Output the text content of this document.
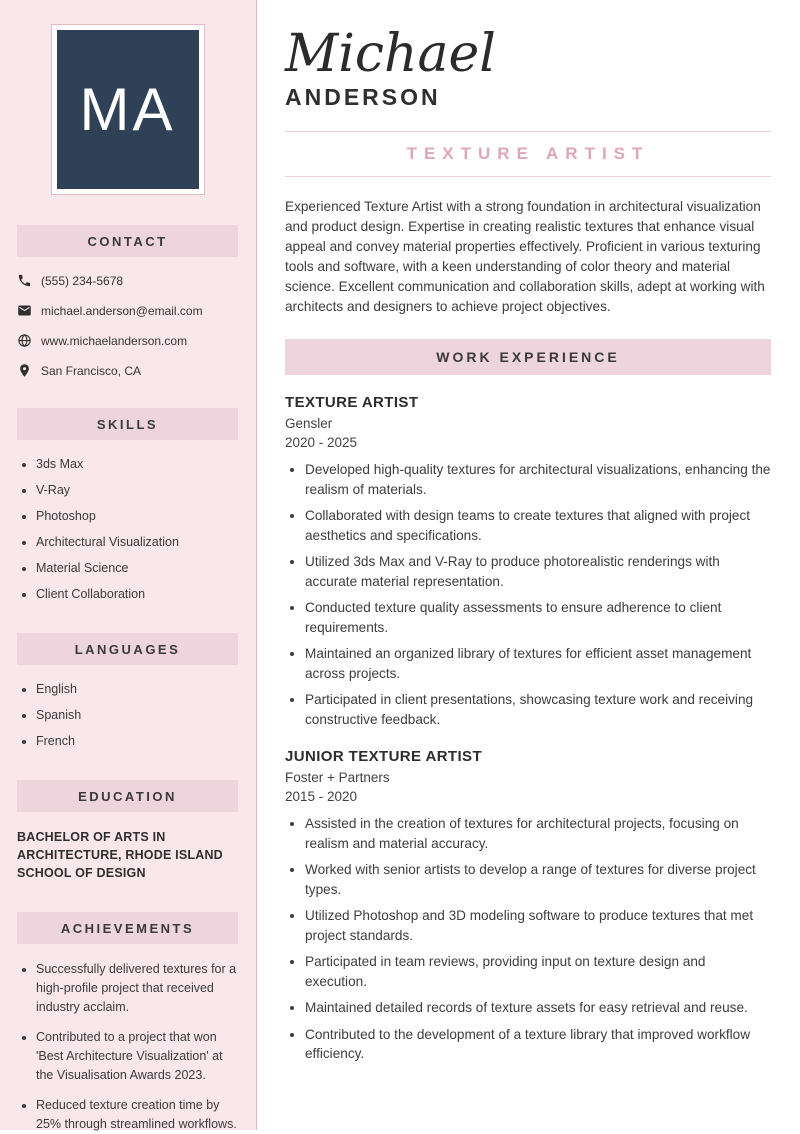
MA
CONTACT
(555) 234-5678
michael.anderson@email.com
www.michaelanderson.com
San Francisco, CA
SKILLS
• 3ds Max
• V-Ray
• Photoshop
• Architectural Visualization
• Material Science
• Client Collaboration
LANGUAGES
• English
• Spanish
• French
EDUCATION
BACHELOR OF ARTS IN ARCHITECTURE, RHODE ISLAND SCHOOL OF DESIGN
ACHIEVEMENTS
• Successfully delivered textures for a high-profile project that received industry acclaim.
• Contributed to a project that won 'Best Architecture Visualization' at the Visualisation Awards 2023.
• Reduced texture creation time by 25% through streamlined workflows.
Michael
ANDERSON
TEXTURE ARTIST

Experienced Texture Artist with a strong foundation in architectural visualization and product design. Expertise in creating realistic textures that enhance visual appeal and convey material properties effectively. Proficient in various texturing tools and software, with a keen understanding of color theory and material science. Excellent communication and collaboration skills, adept at working with architects and designers to achieve project objectives.

WORK EXPERIENCE
TEXTURE ARTIST
Gensler
2020 - 2025
• Developed high-quality textures for architectural visualizations, enhancing the realism of materials.
• Collaborated with design teams to create textures that aligned with project aesthetics and specifications.
• Utilized 3ds Max and V-Ray to produce photorealistic renderings with accurate material representation.
• Conducted texture quality assessments to ensure adherence to client requirements.
• Maintained an organized library of textures for efficient asset management across projects.
• Participated in client presentations, showcasing texture work and receiving constructive feedback.
JUNIOR TEXTURE ARTIST
Foster + Partners
2015 - 2020
• Assisted in the creation of textures for architectural projects, focusing on realism and material accuracy.
• Worked with senior artists to develop a range of textures for diverse project types.
• Utilized Photoshop and 3D modeling software to produce textures that met project standards.
• Participated in team reviews, providing input on texture design and execution.
• Maintained detailed records of texture assets for easy retrieval and reuse.
• Contributed to the development of a texture library that improved workflow efficiency.
